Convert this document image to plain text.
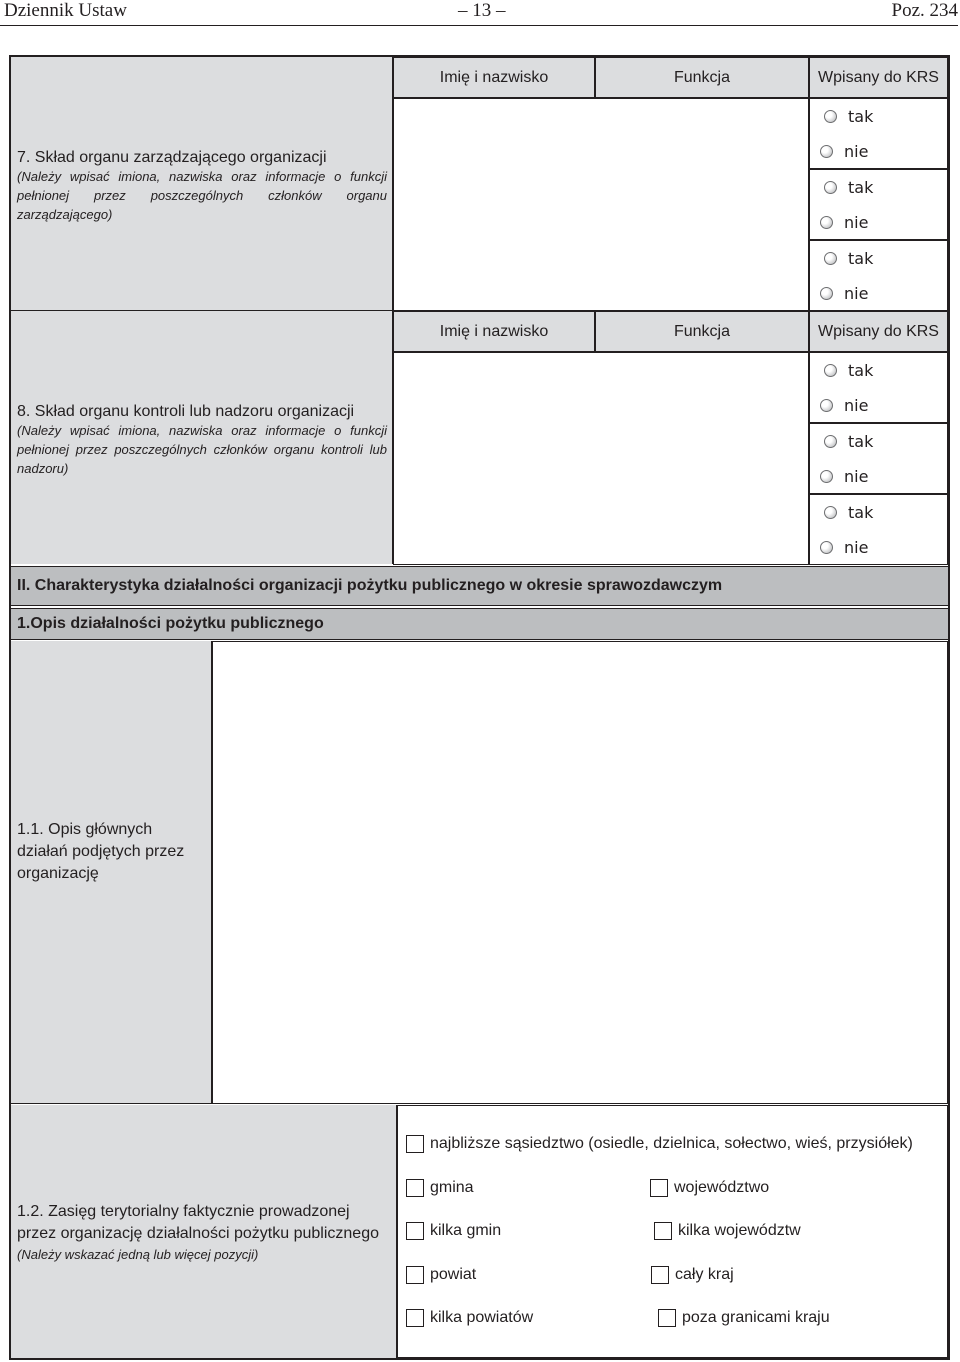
Dziennik Ustaw	– 13 –	Poz. 234
7. Skład organu zarządzającego organizacji
(Należy wpisać imiona, nazwiska oraz informacje o funkcji pełnionej przez poszczególnych członków organu zarządzającego)
Imię i nazwisko	Funkcja	Wpisany do KRS
tak
nie
tak
nie
tak
nie
8. Skład organu kontroli lub nadzoru organizacji
(Należy wpisać imiona, nazwiska oraz informacje o funkcji pełnionej przez poszczególnych członków organu kontroli lub nadzoru)
Imię i nazwisko	Funkcja	Wpisany do KRS
tak
nie
tak
nie
tak
nie
II. Charakterystyka działalności organizacji pożytku publicznego w okresie sprawozdawczym
1.Opis działalności pożytku publicznego
1.1. Opis głównych działań podjętych przez organizację
1.2. Zasięg terytorialny faktycznie prowadzonej przez organizację działalności pożytku publicznego
(Należy wskazać jedną lub więcej pozycji)
najbliższe sąsiedztwo (osiedle, dzielnica, sołectwo, wieś, przysiółek)
gmina	województwo
kilka gmin	kilka województw
powiat	cały kraj
kilka powiatów	poza granicami kraju
